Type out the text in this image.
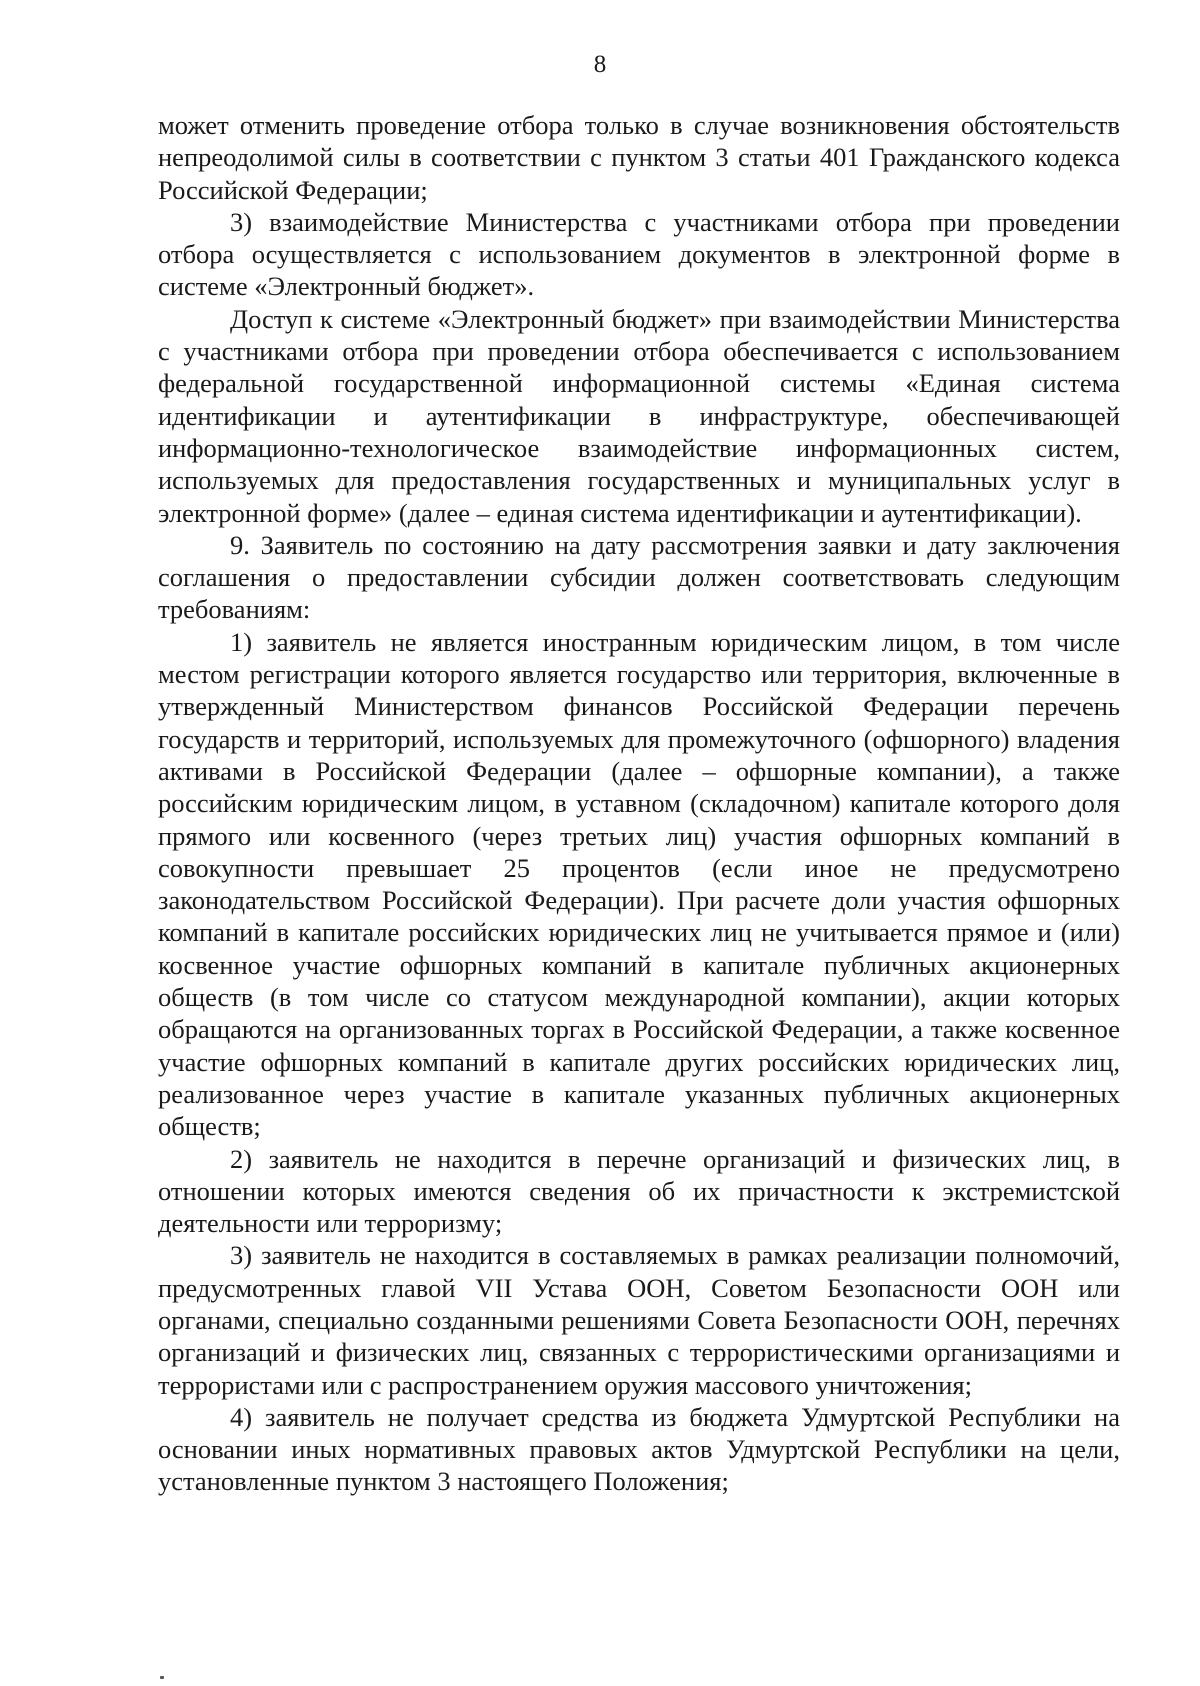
8

может отменить проведение отбора только в случае возникновения обстоятельств непреодолимой силы в соответствии с пунктом 3 статьи 401 Гражданского кодекса Российской Федерации;

3) взаимодействие Министерства с участниками отбора при проведении отбора осуществляется с использованием документов в электронной форме в системе «Электронный бюджет».

Доступ к системе «Электронный бюджет» при взаимодействии Министерства с участниками отбора при проведении отбора обеспечивается с использованием федеральной государственной информационной системы «Единая система идентификации и аутентификации в инфраструктуре, обеспечивающей информационно-технологическое взаимодействие информационных систем, используемых для предоставления государственных и муниципальных услуг в электронной форме» (далее – единая система идентификации и аутентификации).

9. Заявитель по состоянию на дату рассмотрения заявки и дату заключения соглашения о предоставлении субсидии должен соответствовать следующим требованиям:

1) заявитель не является иностранным юридическим лицом, в том числе местом регистрации которого является государство или территория, включенные в утвержденный Министерством финансов Российской Федерации перечень государств и территорий, используемых для промежуточного (офшорного) владения активами в Российской Федерации (далее – офшорные компании), а также российским юридическим лицом, в уставном (складочном) капитале которого доля прямого или косвенного (через третьих лиц) участия офшорных компаний в совокупности превышает 25 процентов (если иное не предусмотрено законодательством Российской Федерации). При расчете доли участия офшорных компаний в капитале российских юридических лиц не учитывается прямое и (или) косвенное участие офшорных компаний в капитале публичных акционерных обществ (в том числе со статусом международной компании), акции которых обращаются на организованных торгах в Российской Федерации, а также косвенное участие офшорных компаний в капитале других российских юридических лиц, реализованное через участие в капитале указанных публичных акционерных обществ;

2) заявитель не находится в перечне организаций и физических лиц, в отношении которых имеются сведения об их причастности к экстремистской деятельности или терроризму;

3) заявитель не находится в составляемых в рамках реализации полномочий, предусмотренных главой VII Устава ООН, Советом Безопасности ООН или органами, специально созданными решениями Совета Безопасности ООН, перечнях организаций и физических лиц, связанных с террористическими организациями и террористами или с распространением оружия массового уничтожения;

4) заявитель не получает средства из бюджета Удмуртской Республики на основании иных нормативных правовых актов Удмуртской Республики на цели, установленные пунктом 3 настоящего Положения;
